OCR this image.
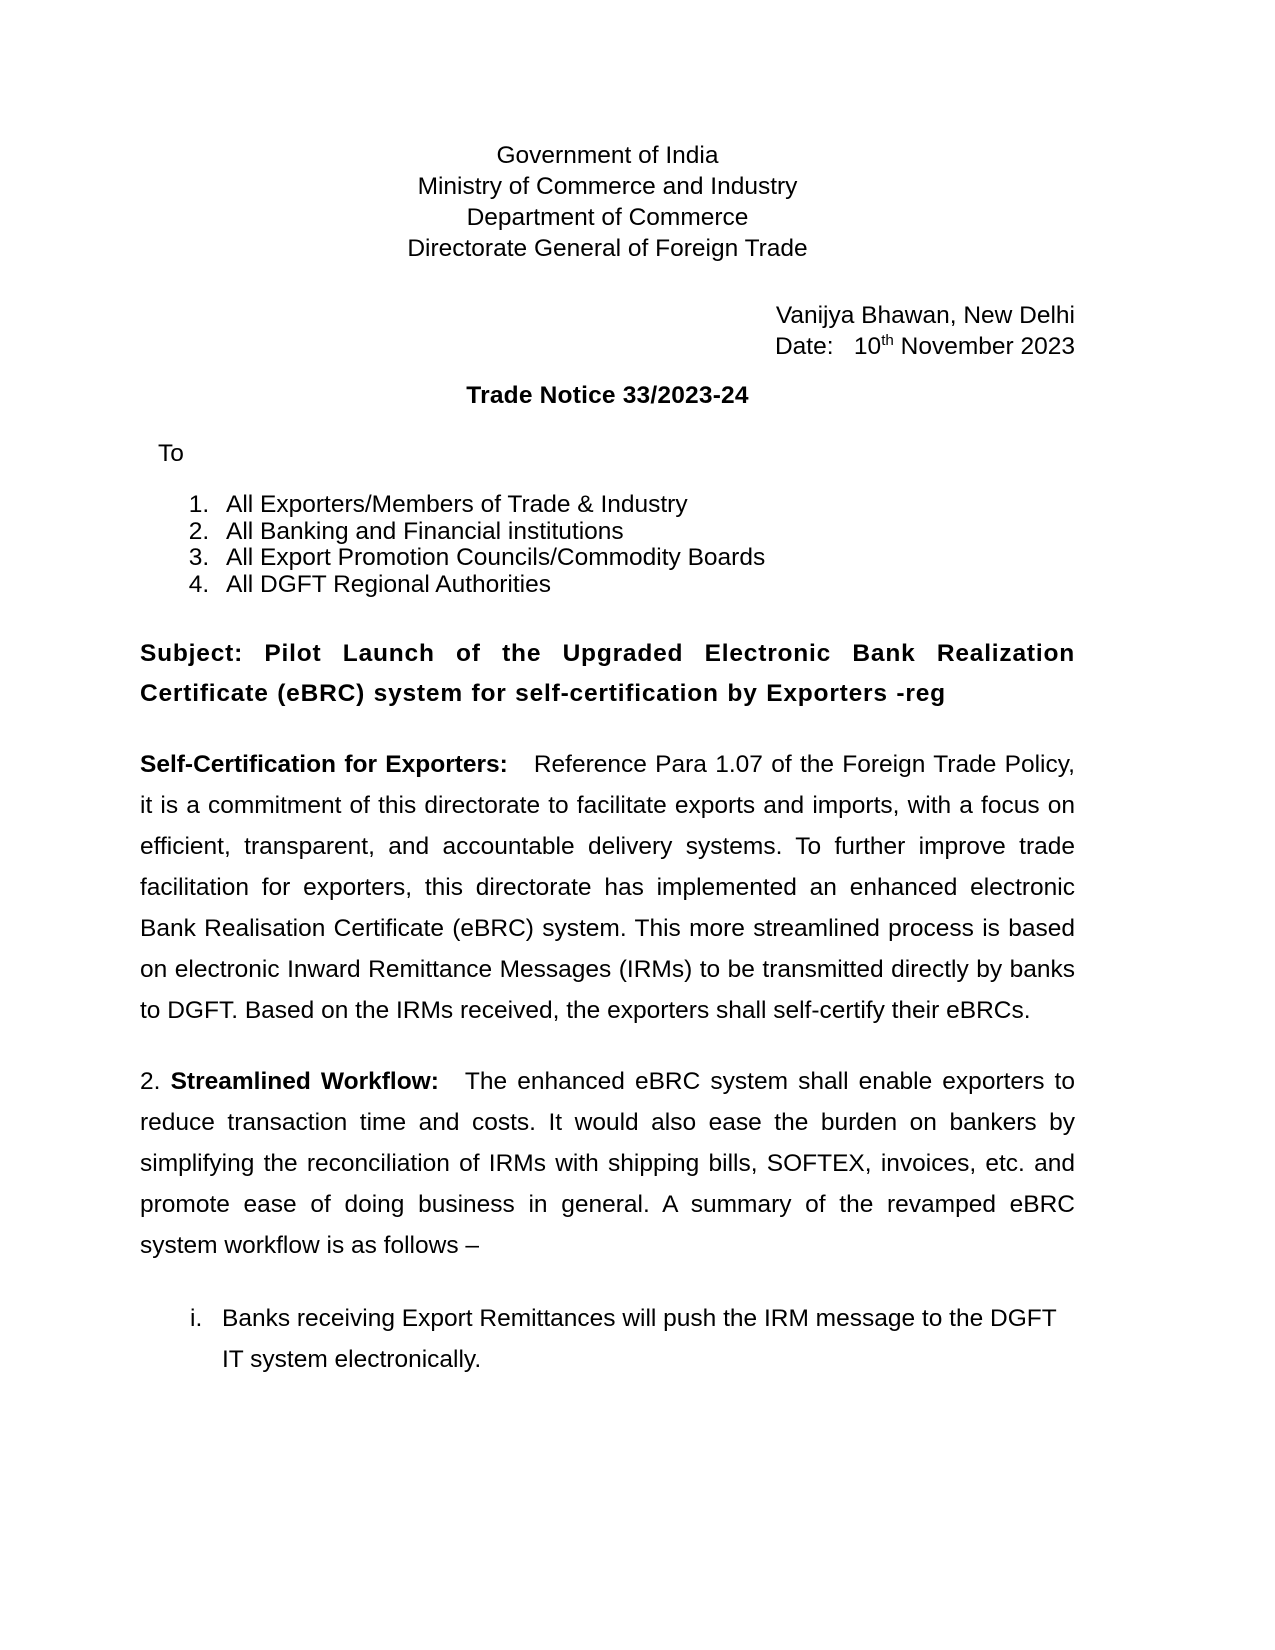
Government of India
Ministry of Commerce and Industry
Department of Commerce
Directorate General of Foreign Trade
Vanijya Bhawan, New Delhi
Date: 10th November 2023
Trade Notice 33/2023-24
To
1. All Exporters/Members of Trade & Industry
2. All Banking and Financial institutions
3. All Export Promotion Councils/Commodity Boards
4. All DGFT Regional Authorities
Subject: Pilot Launch of the Upgraded Electronic Bank Realization Certificate (eBRC) system for self-certification by Exporters -reg
Self-Certification for Exporters: Reference Para 1.07 of the Foreign Trade Policy, it is a commitment of this directorate to facilitate exports and imports, with a focus on efficient, transparent, and accountable delivery systems. To further improve trade facilitation for exporters, this directorate has implemented an enhanced electronic Bank Realisation Certificate (eBRC) system. This more streamlined process is based on electronic Inward Remittance Messages (IRMs) to be transmitted directly by banks to DGFT. Based on the IRMs received, the exporters shall self-certify their eBRCs.
2. Streamlined Workflow: The enhanced eBRC system shall enable exporters to reduce transaction time and costs. It would also ease the burden on bankers by simplifying the reconciliation of IRMs with shipping bills, SOFTEX, invoices, etc. and promote ease of doing business in general. A summary of the revamped eBRC system workflow is as follows –
i. Banks receiving Export Remittances will push the IRM message to the DGFT IT system electronically.
